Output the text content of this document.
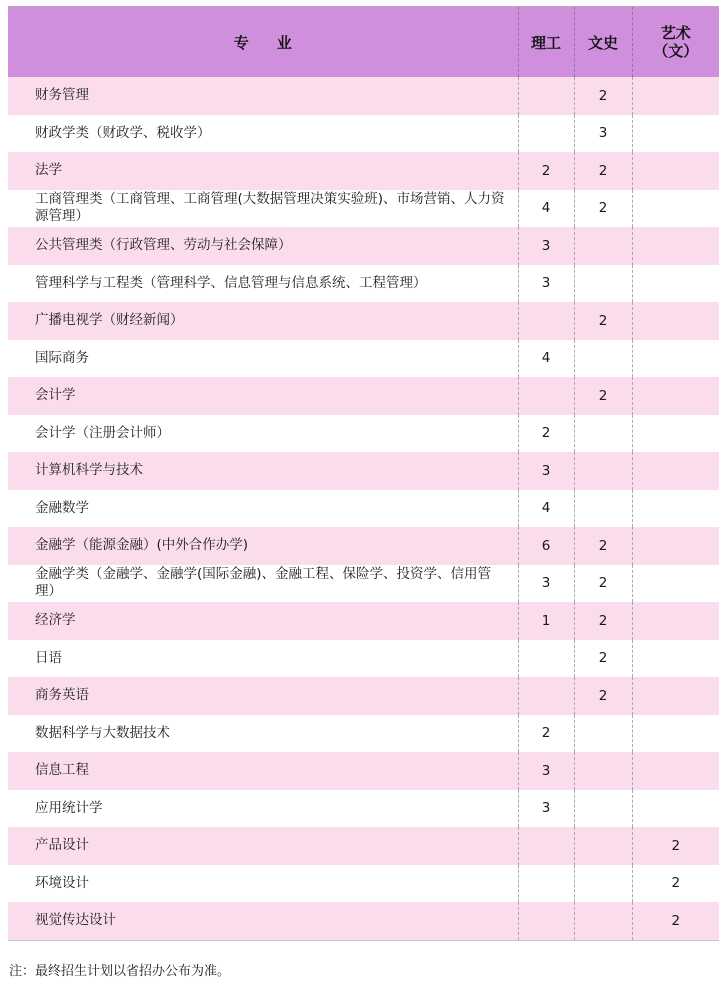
专 业	理工	文史	艺术
（文）
财务管理		2	
财政学类（财政学、税收学）		3	
法学	2	2	
工商管理类（工商管理、工商管理(大数据管理决策实验班)、市场营销、人力资源管理）	4	2	
公共管理类（行政管理、劳动与社会保障）	3		
管理科学与工程类（管理科学、信息管理与信息系统、工程管理）	3		
广播电视学（财经新闻）		2	
国际商务	4		
会计学		2	
会计学（注册会计师）	2		
计算机科学与技术	3		
金融数学	4		
金融学（能源金融）(中外合作办学)	6	2	
金融学类（金融学、金融学(国际金融)、金融工程、保险学、投资学、信用管理）	3	2	
经济学	1	2	
日语		2	
商务英语		2	
数据科学与大数据技术	2		
信息工程	3		
应用统计学	3		
产品设计			2
环境设计			2
视觉传达设计			2
注：最终招生计划以省招办公布为准。
